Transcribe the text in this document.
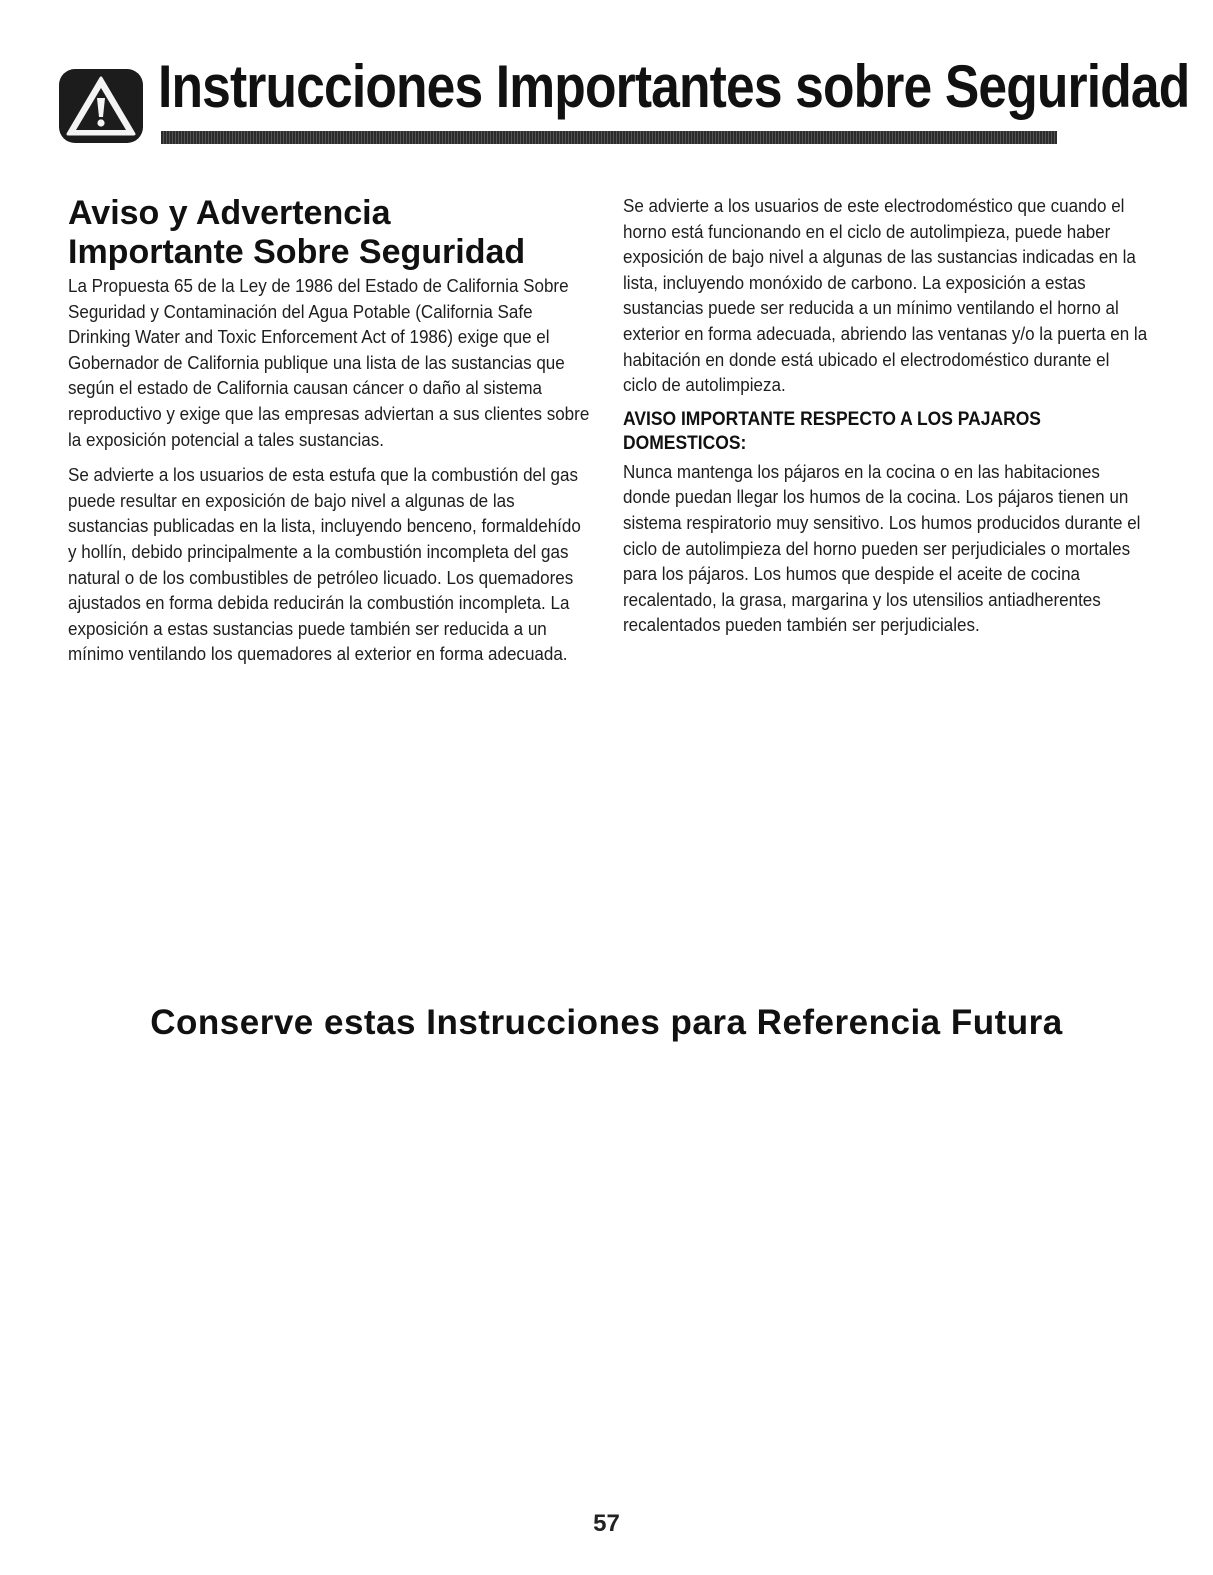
Instrucciones Importantes sobre Seguridad
Aviso y Advertencia
Importante Sobre Seguridad

La Propuesta 65 de la Ley de 1986 del Estado de California Sobre Seguridad y Contaminación del Agua Potable (California Safe Drinking Water and Toxic Enforcement Act of 1986) exige que el Gobernador de California publique una lista de las sustancias que según el estado de California causan cáncer o daño al sistema reproductivo y exige que las empresas adviertan a sus clientes sobre la exposición potencial a tales sustancias.

Se advierte a los usuarios de esta estufa que la combustión del gas puede resultar en exposición de bajo nivel a algunas de las sustancias publicadas en la lista, incluyendo benceno, formaldehído y hollín, debido principalmente a la combustión incompleta del gas natural o de los combustibles de petróleo licuado. Los quemadores ajustados en forma debida reducirán la combustión incompleta. La exposición a estas sustancias puede también ser reducida a un mínimo ventilando los quemadores al exterior en forma adecuada.

Se advierte a los usuarios de este electrodoméstico que cuando el horno está funcionando en el ciclo de autolimpieza, puede haber exposición de bajo nivel a algunas de las sustancias indicadas en la lista, incluyendo monóxido de carbono. La exposición a estas sustancias puede ser reducida a un mínimo ventilando el horno al exterior en forma adecuada, abriendo las ventanas y/o la puerta en la habitación en donde está ubicado el electrodoméstico durante el ciclo de autolimpieza.

AVISO IMPORTANTE RESPECTO A LOS PAJAROS DOMESTICOS:

Nunca mantenga los pájaros en la cocina o en las habitaciones donde puedan llegar los humos de la cocina. Los pájaros tienen un sistema respiratorio muy sensitivo. Los humos producidos durante el ciclo de autolimpieza del horno pueden ser perjudiciales o mortales para los pájaros. Los humos que despide el aceite de cocina recalentado, la grasa, margarina y los utensilios antiadherentes recalentados pueden también ser perjudiciales.

Conserve estas Instrucciones para Referencia Futura

57
